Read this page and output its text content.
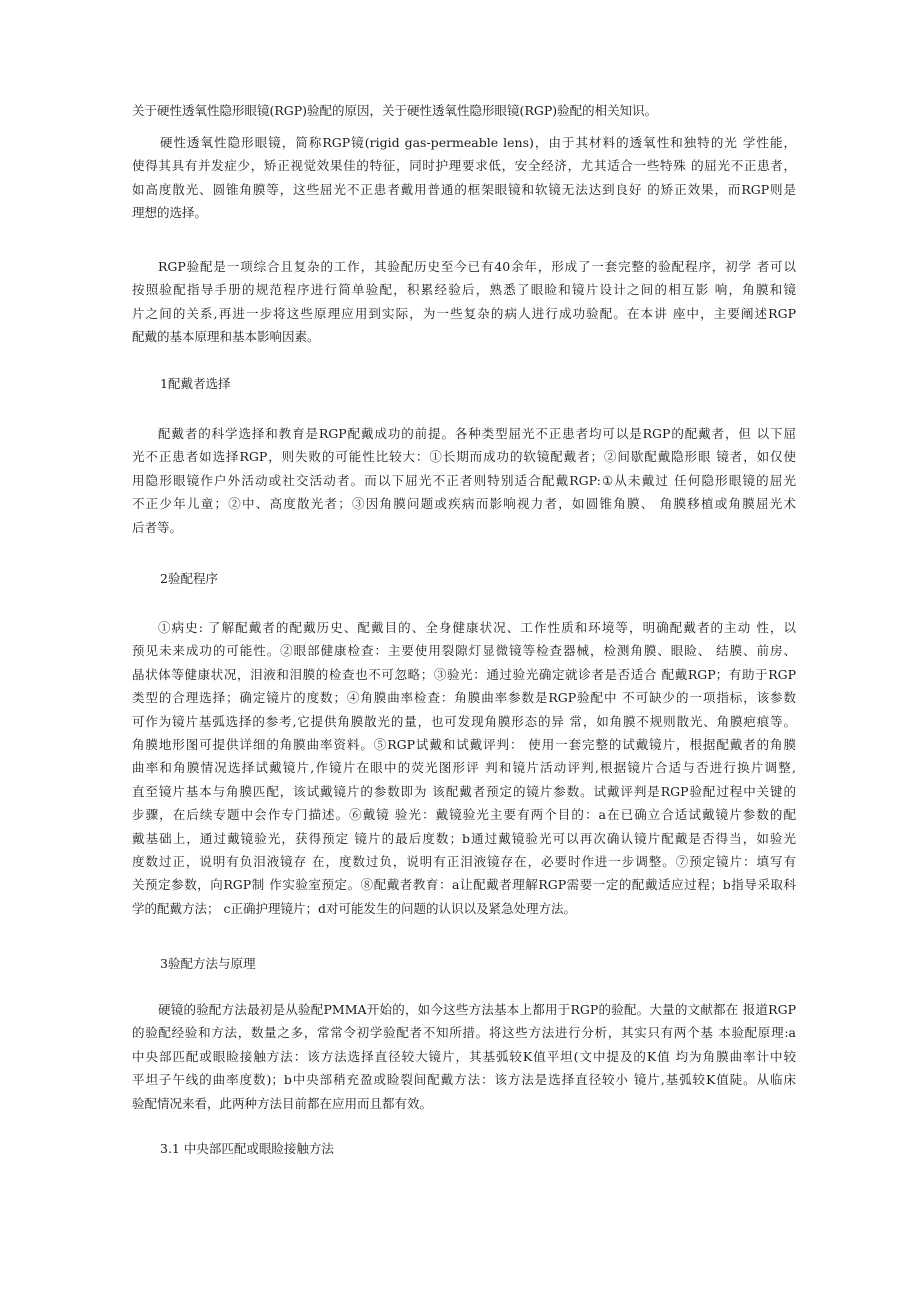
关于硬性透氧性隐形眼镜(RGP)验配的原因，关于硬性透氧性隐形眼镜(RGP)验配的相关知识。

硬性透氧性隐形眼镜，简称RGP镜(rigid gas-permeable lens)，由于其材料的透氧性和独特的光 学性能，
使得其具有并发症少，矫正视觉效果佳的特征，同时护理要求低，安全经济，尤其适合一些特殊 的屈光不正患者，
如高度散光、圆锥角膜等，这些屈光不正患者戴用普通的框架眼镜和软镜无法达到良好 的矫正效果，而RGP则是
理想的选择。

RGP验配是一项综合且复杂的工作，其验配历史至今已有40余年，形成了一套完整的验配程序，初学 者可以
按照验配指导手册的规范程序进行简单验配，积累经验后，熟悉了眼睑和镜片设计之间的相互影 响，角膜和镜
片之间的关系,再进一步将这些原理应用到实际，为一些复杂的病人进行成功验配。在本讲 座中，主要阐述RGP
配戴的基本原理和基本影响因素。

1配戴者选择

配戴者的科学选择和教育是RGP配戴成功的前提。各种类型屈光不正患者均可以是RGP的配戴者，但 以下屈
光不正患者如选择RGP，则失败的可能性比较大：①长期而成功的软镜配戴者；②间歇配戴隐形眼 镜者，如仅使
用隐形眼镜作户外活动或社交活动者。而以下屈光不正者则特别适合配戴RGP:①从未戴过 任何隐形眼镜的屈光
不正少年儿童；②中、高度散光者；③因角膜问题或疾病而影响视力者，如圆锥角膜、 角膜移植或角膜屈光术
后者等。

2验配程序

①病史: 了解配戴者的配戴历史、配戴目的、全身健康状况、工作性质和环境等，明确配戴者的主动 性，以
预见未来成功的可能性。②眼部健康检查：主要使用裂隙灯显微镜等检查器械，检测角膜、眼睑、 结膜、前房、
晶状体等健康状况，泪液和泪膜的检查也不可忽略；③验光：通过验光确定就诊者是否适合 配戴RGP；有助于RGP
类型的合理选择；确定镜片的度数；④角膜曲率检查：角膜曲率参数是RGP验配中 不可缺少的一项指标，该参数
可作为镜片基弧选择的参考,它提供角膜散光的量，也可发现角膜形态的异 常，如角膜不规则散光、角膜疤痕等。
角膜地形图可提供详细的角膜曲率资料。⑤RGP试戴和试戴评判： 使用一套完整的试戴镜片，根据配戴者的角膜
曲率和角膜情况选择试戴镜片,作镜片在眼中的荧光图形评 判和镜片活动评判,根据镜片合适与否进行换片调整,
直至镜片基本与角膜匹配，该试戴镜片的参数即为 该配戴者预定的镜片参数。试戴评判是RGP验配过程中关键的
步骤，在后续专题中会作专门描述。⑥戴镜 验光：戴镜验光主要有两个目的：a在已确立合适试戴镜片参数的配
戴基础上，通过戴镜验光，获得预定 镜片的最后度数；b通过戴镜验光可以再次确认镜片配戴是否得当，如验光
度数过正，说明有负泪液镜存 在，度数过负，说明有正泪液镜存在，必要时作进一步调整。⑦预定镜片：填写有
关预定参数，向RGP制 作实验室预定。⑧配戴者教育：a让配戴者理解RGP需要一定的配戴适应过程；b指导采取科
学的配戴方法； c正确护理镜片；d对可能发生的问题的认识以及紧急处理方法。

3验配方法与原理

硬镜的验配方法最初是从验配PMMA开始的，如今这些方法基本上都用于RGP的验配。大量的文献都在 报道RGP
的验配经验和方法，数量之多，常常令初学验配者不知所措。将这些方法进行分析，其实只有两个基 本验配原理:a
中央部匹配或眼睑接触方法：该方法选择直径较大镜片，其基弧较K值平坦(文中提及的K值 均为角膜曲率计中较
平坦子午线的曲率度数)；b中央部稍充盈或睑裂间配戴方法：该方法是选择直径较小 镜片,基弧较K值陡。从临床
验配情况来看，此两种方法目前都在应用而且都有效。

3.1 中央部匹配或眼睑接触方法
